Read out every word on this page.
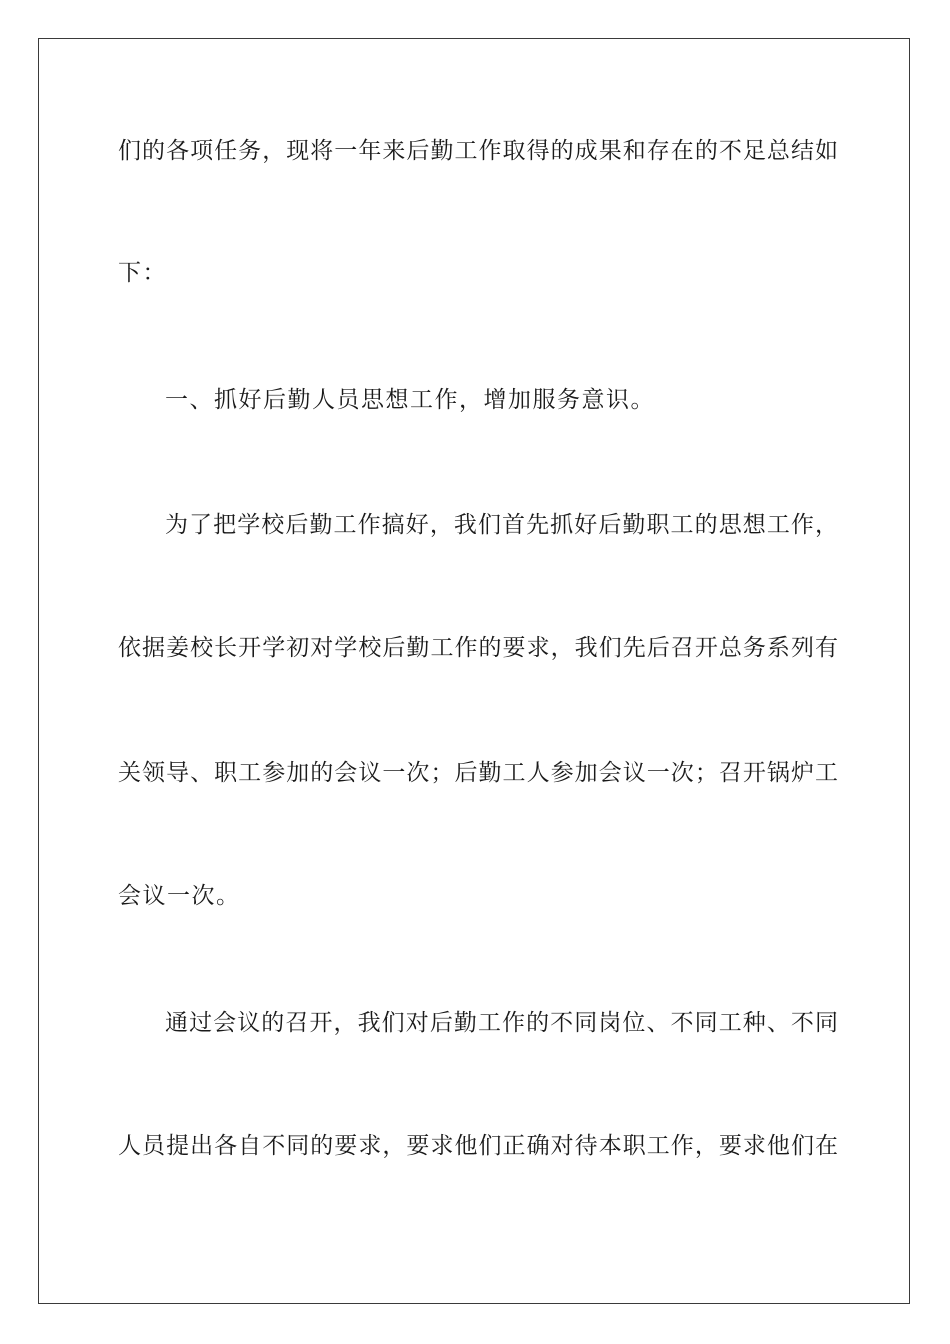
们的各项任务，现将一年来后勤工作取得的成果和存在的不足总结如

下：

一、抓好后勤人员思想工作，增加服务意识。

为了把学校后勤工作搞好，我们首先抓好后勤职工的思想工作，

依据姜校长开学初对学校后勤工作的要求，我们先后召开总务系列有

关领导、职工参加的会议一次；后勤工人参加会议一次；召开锅炉工

会议一次。

通过会议的召开，我们对后勤工作的不同岗位、不同工种、不同

人员提出各自不同的要求，要求他们正确对待本职工作，要求他们在
